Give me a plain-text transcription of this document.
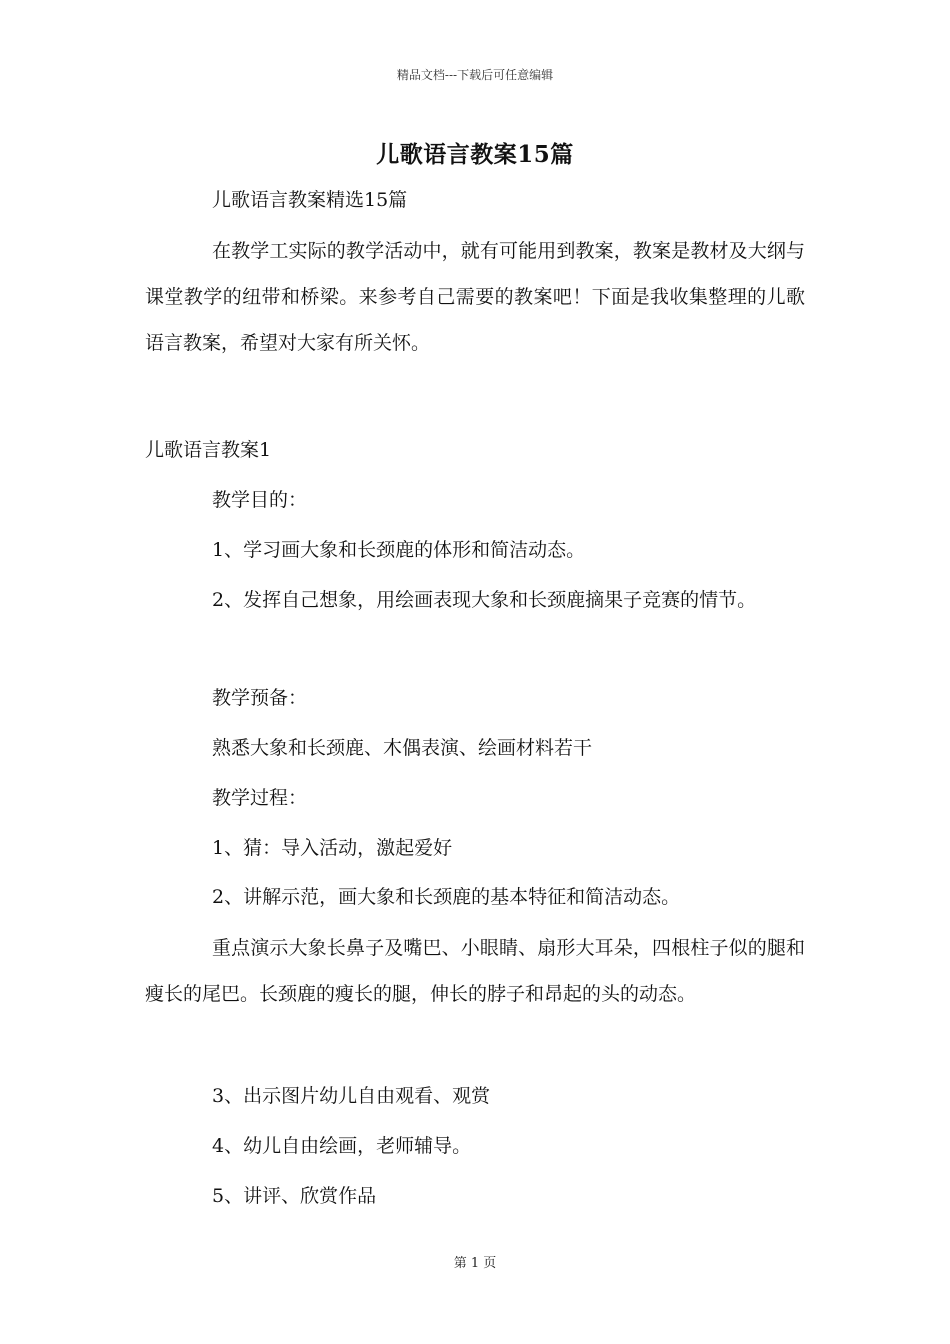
精品文档---下载后可任意编辑
儿歌语言教案15篇

儿歌语言教案精选15篇

在教学工实际的教学活动中，就有可能用到教案，教案是教材及大纲与课堂教学的纽带和桥梁。来参考自己需要的教案吧！下面是我收集整理的儿歌语言教案，希望对大家有所关怀。

儿歌语言教案1

教学目的：

1、学习画大象和长颈鹿的体形和简洁动态。

2、发挥自己想象，用绘画表现大象和长颈鹿摘果子竞赛的情节。

教学预备：

熟悉大象和长颈鹿、木偶表演、绘画材料若干

教学过程：

1、猜：导入活动，激起爱好

2、讲解示范，画大象和长颈鹿的基本特征和简洁动态。

重点演示大象长鼻子及嘴巴、小眼睛、扇形大耳朵，四根柱子似的腿和瘦长的尾巴。长颈鹿的瘦长的腿，伸长的脖子和昂起的头的动态。

3、出示图片幼儿自由观看、观赏

4、幼儿自由绘画，老师辅导。

5、讲评、欣赏作品

第 1 页
